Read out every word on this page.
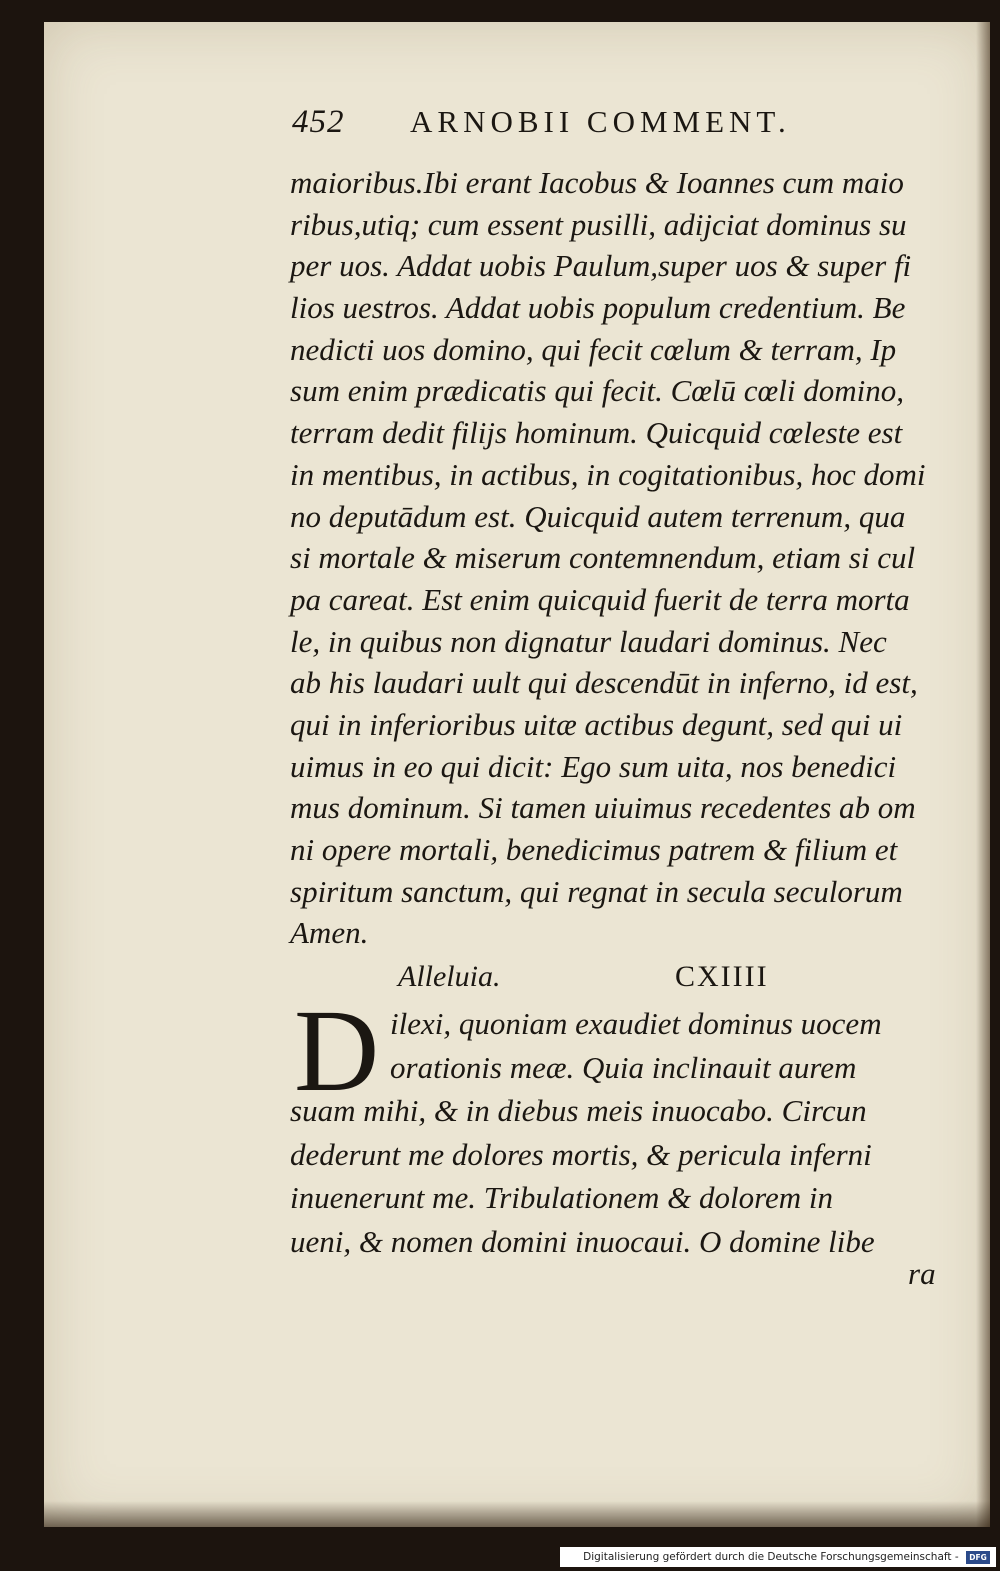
452 ARNOBII COMMENT.
maioribus.Ibi erant Iacobus & Ioannes cum maio
ribus,utiq; cum essent pusilli, adijciat dominus su
per uos. Addat uobis Paulum,super uos & super fi
lios uestros. Addat uobis populum credentium. Be
nedicti uos domino, qui fecit cœlum & terram, Ip
sum enim prædicatis qui fecit. Cœlū cœli domino,
terram dedit filijs hominum. Quicquid cœleste est
in mentibus, in actibus, in cogitationibus, hoc domi
no deputādum est. Quicquid autem terrenum, qua
si mortale & miserum contemnendum, etiam si cul
pa careat. Est enim quicquid fuerit de terra morta
le, in quibus non dignatur laudari dominus. Nec
ab his laudari uult qui descendūt in inferno, id est,
qui in inferioribus uitæ actibus degunt, sed qui ui
uimus in eo qui dicit: Ego sum uita, nos benedici
mus dominum. Si tamen uiuimus recedentes ab om
ni opere mortali, benedicimus patrem & filium et
spiritum sanctum, qui regnat in secula seculorum
Amen.
Alleluia.	CXIIII
D ilexi, quoniam exaudiet dominus uocem
orationis meæ. Quia inclinauit aurem
suam mihi, & in diebus meis inuocabo. Circun
dederunt me dolores mortis, & pericula inferni
inuenerunt me. Tribulationem & dolorem in
ueni, & nomen domini inuocaui. O domine libe
ra
Digitalisierung gefördert durch die Deutsche Forschungsgemeinschaft - DFG
